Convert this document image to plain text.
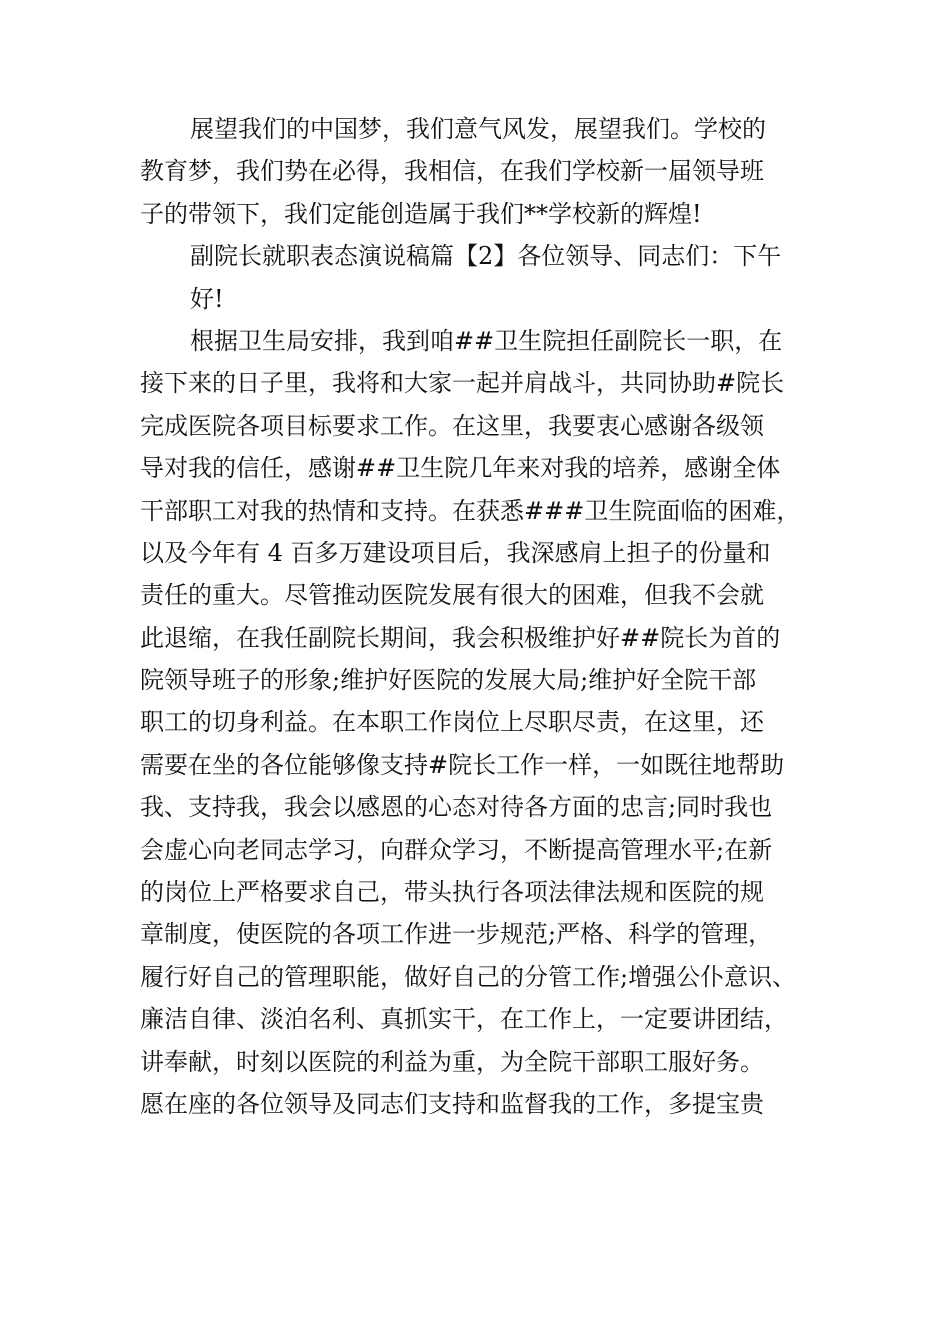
展望我们的中国梦，我们意气风发，展望我们。学校的
教育梦，我们势在必得，我相信，在我们学校新一届领导班
子的带领下，我们定能创造属于我们**学校新的辉煌!
副院长就职表态演说稿篇【2】各位领导、同志们：下午
好!
根据卫生局安排，我到咱##卫生院担任副院长一职，在
接下来的日子里，我将和大家一起并肩战斗，共同协助#院长
完成医院各项目标要求工作。在这里，我要衷心感谢各级领
导对我的信任，感谢##卫生院几年来对我的培养，感谢全体
干部职工对我的热情和支持。在获悉###卫生院面临的困难，
以及今年有 4 百多万建设项目后，我深感肩上担子的份量和
责任的重大。尽管推动医院发展有很大的困难，但我不会就
此退缩，在我任副院长期间，我会积极维护好##院长为首的
院领导班子的形象;维护好医院的发展大局;维护好全院干部
职工的切身利益。在本职工作岗位上尽职尽责，在这里，还
需要在坐的各位能够像支持#院长工作一样，一如既往地帮助
我、支持我，我会以感恩的心态对待各方面的忠言;同时我也
会虚心向老同志学习，向群众学习，不断提高管理水平;在新
的岗位上严格要求自己，带头执行各项法律法规和医院的规
章制度，使医院的各项工作进一步规范;严格、科学的管理，
履行好自己的管理职能，做好自己的分管工作;增强公仆意识、
廉洁自律、淡泊名利、真抓实干，在工作上，一定要讲团结，
讲奉献，时刻以医院的利益为重，为全院干部职工服好务。
愿在座的各位领导及同志们支持和监督我的工作，多提宝贵
